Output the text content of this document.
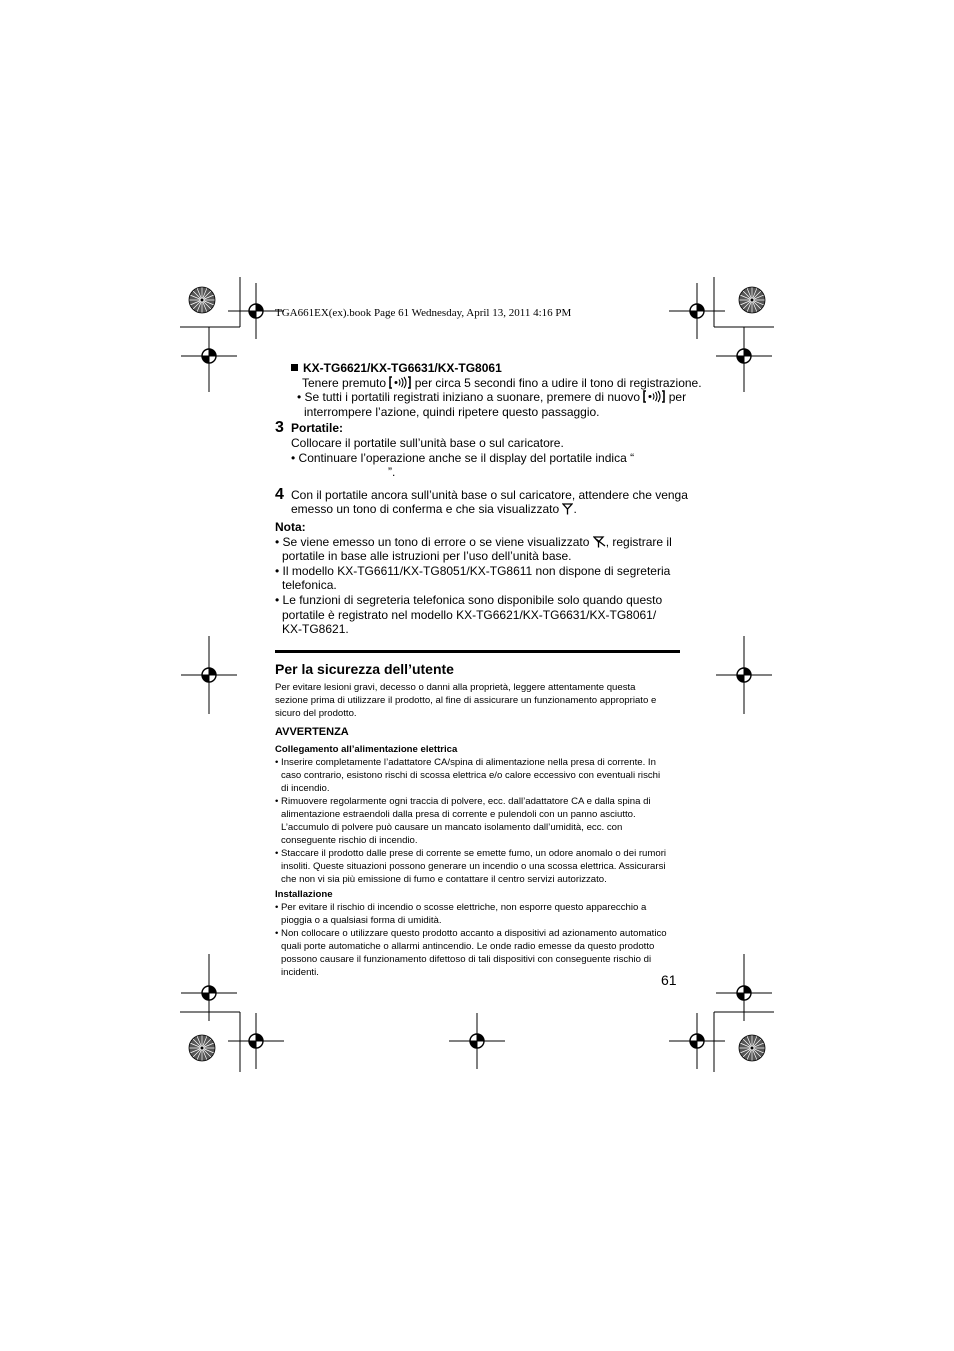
TGA661EX(ex).book Page 61 Wednesday, April 13, 2011 4:16 PM
KX-TG6621/KX-TG6631/KX-TG8061
Tenere premuto  per circa 5 secondi fino a udire il tono di registrazione.
• Se tutti i portatili registrati iniziano a suonare, premere di nuovo  per
interrompere l’azione, quindi ripetere questo passaggio.
3 Portatile:
Collocare il portatile sull’unità base o sul caricatore.
• Continuare l’operazione anche se il display del portatile indica “
”.
4 Con il portatile ancora sull’unità base o sul caricatore, attendere che venga
emesso un tono di conferma e che sia visualizzato .
Nota:
• Se viene emesso un tono di errore o se viene visualizzato , registrare il
portatile in base alle istruzioni per l’uso dell’unità base.
• Il modello KX-TG6611/KX-TG8051/KX-TG8611 non dispone di segreteria
telefonica.
• Le funzioni di segreteria telefonica sono disponibile solo quando questo
portatile è registrato nel modello KX-TG6621/KX-TG6631/KX-TG8061/
KX-TG8621.
Per la sicurezza dell’utente
Per evitare lesioni gravi, decesso o danni alla proprietà, leggere attentamente questa
sezione prima di utilizzare il prodotto, al fine di assicurare un funzionamento appropriato e
sicuro del prodotto.
AVVERTENZA
Collegamento all’alimentazione elettrica
• Inserire completamente l’adattatore CA/spina di alimentazione nella presa di corrente. In
caso contrario, esistono rischi di scossa elettrica e/o calore eccessivo con eventuali rischi
di incendio.
• Rimuovere regolarmente ogni traccia di polvere, ecc. dall’adattatore CA e dalla spina di
alimentazione estraendoli dalla presa di corrente e pulendoli con un panno asciutto.
L’accumulo di polvere può causare un mancato isolamento dall’umidità, ecc. con
conseguente rischio di incendio.
• Staccare il prodotto dalle prese di corrente se emette fumo, un odore anomalo o dei rumori
insoliti. Queste situazioni possono generare un incendio o una scossa elettrica. Assicurarsi
che non vi sia più emissione di fumo e contattare il centro servizi autorizzato.
Installazione
• Per evitare il rischio di incendio o scosse elettriche, non esporre questo apparecchio a
pioggia o a qualsiasi forma di umidità.
• Non collocare o utilizzare questo prodotto accanto a dispositivi ad azionamento automatico
quali porte automatiche o allarmi antincendio. Le onde radio emesse da questo prodotto
possono causare il funzionamento difettoso di tali dispositivi con conseguente rischio di
incidenti.	61
